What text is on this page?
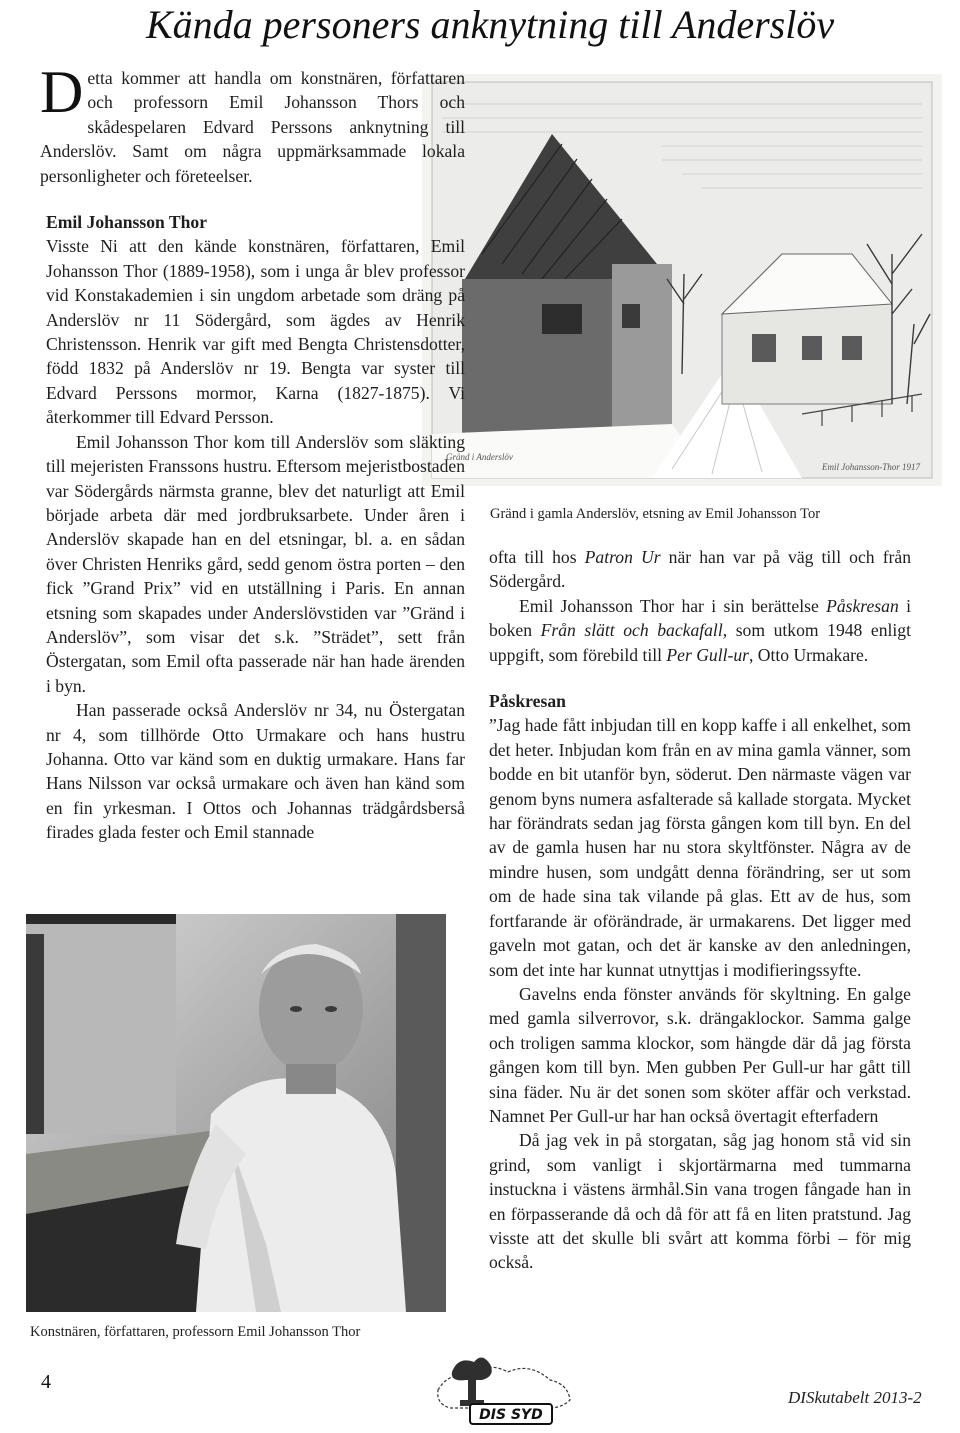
Kända personers anknytning till Anderslöv
Gränd i Anderslöv
Emil Johansson-Thor 1917
Gränd i gamla Anderslöv, etsning av Emil Johansson Tor

Detta kommer att handla om konstnären, författaren och professorn Emil Johansson Thors och skådespelaren Edvard Perssons anknytning till Anderslöv. Samt om några uppmärksammade lokala personligheter och företeelser.

Emil Johansson Thor

Visste Ni att den kände konstnären, författaren, Emil Johansson Thor (1889-1958), som i unga år blev professor vid Konstakademien i sin ungdom arbetade som dräng på Anderslöv nr 11 Södergård, som ägdes av Henrik Christensson. Henrik var gift med Bengta Christensdotter, född 1832 på Anderslöv nr 19. Bengta var syster till Edvard Perssons mormor, Karna (1827-1875). Vi återkommer till Edvard Persson.

Emil Johansson Thor kom till Anderslöv som släkting till mejeristen Franssons hustru. Eftersom mejeristbostaden var Södergårds närmsta granne, blev det naturligt att Emil började arbeta där med jordbruksarbete. Under åren i Anderslöv skapade han en del etsningar, bl. a. en sådan över Christen Henriks gård, sedd genom östra porten – den fick ”Grand Prix” vid en utställning i Paris. En annan etsning som skapades under Anderslövstiden var ”Gränd i Anderslöv”, som visar det s.k. ”Strädet”, sett från Östergatan, som Emil ofta passerade när han hade ärenden i byn.

Han passerade också Anderslöv nr 34, nu Östergatan nr 4, som tillhörde Otto Urmakare och hans hustru Johanna. Otto var känd som en duktig urmakare. Hans far Hans Nilsson var också urmakare och även han känd som en fin yrkesman. I Ottos och Johannas trädgårdsberså firades glada fester och Emil stannade

Konstnären, författaren, professorn Emil Johansson Thor

ofta till hos Patron Ur när han var på väg till och från Södergård.

Emil Johansson Thor har i sin berättelse Påskresan i boken Från slätt och backafall, som utkom 1948 enligt uppgift, som förebild till Per Gull-ur, Otto Urmakare.

Påskresan

”Jag hade fått inbjudan till en kopp kaffe i all enkelhet, som det heter. Inbjudan kom från en av mina gamla vänner, som bodde en bit utanför byn, söderut. Den närmaste vägen var genom byns numera asfalterade så kallade storgata. Mycket har förändrats sedan jag första gången kom till byn. En del av de gamla husen har nu stora skyltfönster. Några av de mindre husen, som undgått denna förändring, ser ut som om de hade sina tak vilande på glas. Ett av de hus, som fortfarande är oförändrade, är urmakarens. Det ligger med gaveln mot gatan, och det är kanske av den anledningen, som det inte har kunnat utnyttjas i modifieringssyfte.

Gavelns enda fönster används för skyltning. En galge med gamla silverrovor, s.k. drängaklockor. Samma galge och troligen samma klockor, som hängde där då jag första gången kom till byn. Men gubben Per Gull-ur har gått till sina fäder. Nu är det sonen som sköter affär och verkstad. Namnet Per Gull-ur har han också övertagit efterfadern

Då jag vek in på storgatan, såg jag honom stå vid sin grind, som vanligt i skjortärmarna med tummarna instuckna i västens ärmhål.Sin vana trogen fångade han in en förpasserande då och då för att få en liten pratstund. Jag visste att det skulle bli svårt att komma förbi – för mig också.

4
DIS SYD
DISkutabelt 2013-2
